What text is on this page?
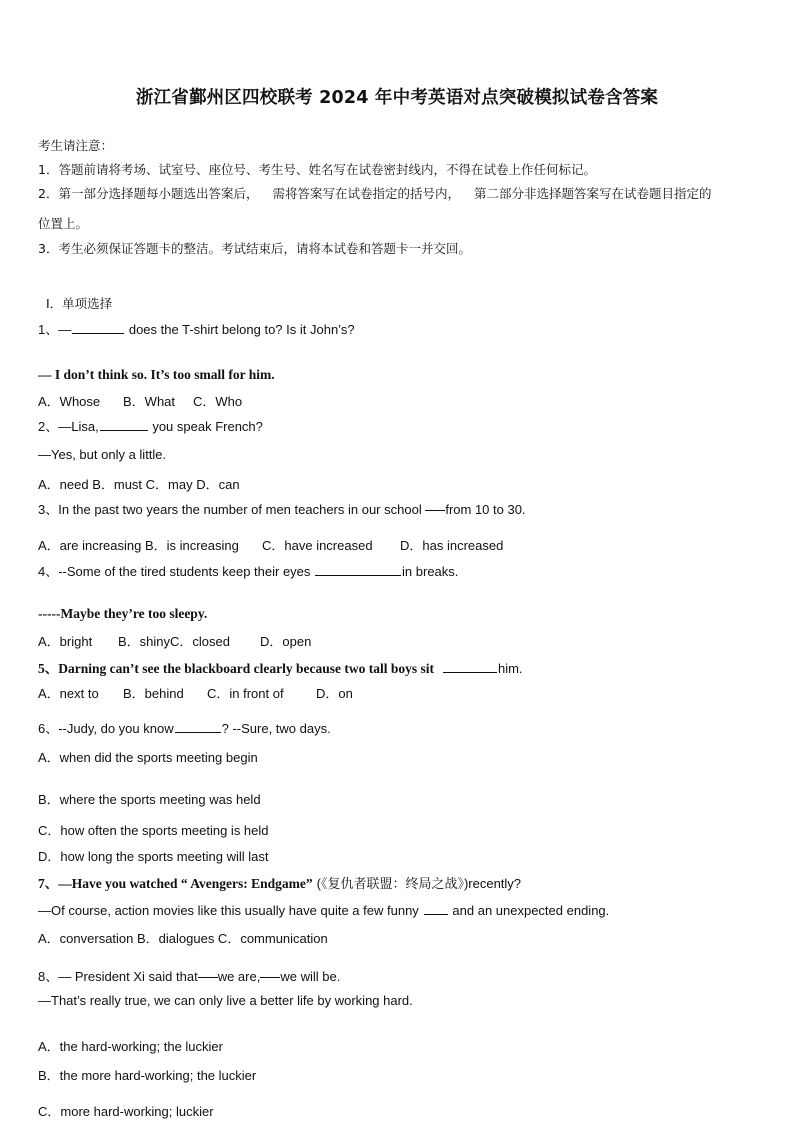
浙江省鄞州区四校联考 2024 年中考英语对点突破模拟试卷含答案
考生请注意：
1．答题前请将考场、试室号、座位号、考生号、姓名写在试卷密封线内，不得在试卷上作任何标记。
2．第一部分选择题每小题选出答案后， 需将答案写在试卷指定的括号内， 第二部分非选择题答案写在试卷题目指定的
位置上。
3．考生必须保证答题卡的整洁。考试结束后，请将本试卷和答题卡一并交回。
Ⅰ．单项选择
1、—	does the T-shirt belong to? Is it John’s?
— I don’t think so. It’s too small for him.
A．Whose B．What C．Who
2、—Lisa,	you speak French?
—Yes, but only a little.
A．need B．must C．may D．can
3、In the past two years the number of men teachers in our school from 10 to 30.
A．are increasing B．is increasing C．have increased D．has increased
4、--Some of the tired students keep their eyes	in breaks.
-----Maybe they’re too sleepy.
A．bright B．shinyC．closed D．open
5、Darning can’t see the blackboard clearly because two tall boys sit	him.
A．next to B．behind C．in front of D．on
6、--Judy, do you know	? --Sure, two days.
A．when did the sports meeting begin
B．where the sports meeting was held
C．how often the sports meeting is held
D．how long the sports meeting will last
7、—Have you watched “ Avengers: Endgame” (《复仇者联盟：终局之战》)recently?
—Of course, action movies like this usually have quite a few funny and an unexpected ending.
A．conversation B．dialogues C．communication
8、— President Xi said that we are, we will be.
—That’s really true, we can only live a better life by working hard.
A．the hard-working; the luckier
B．the more hard-working; the luckier
C．more hard-working; luckier
